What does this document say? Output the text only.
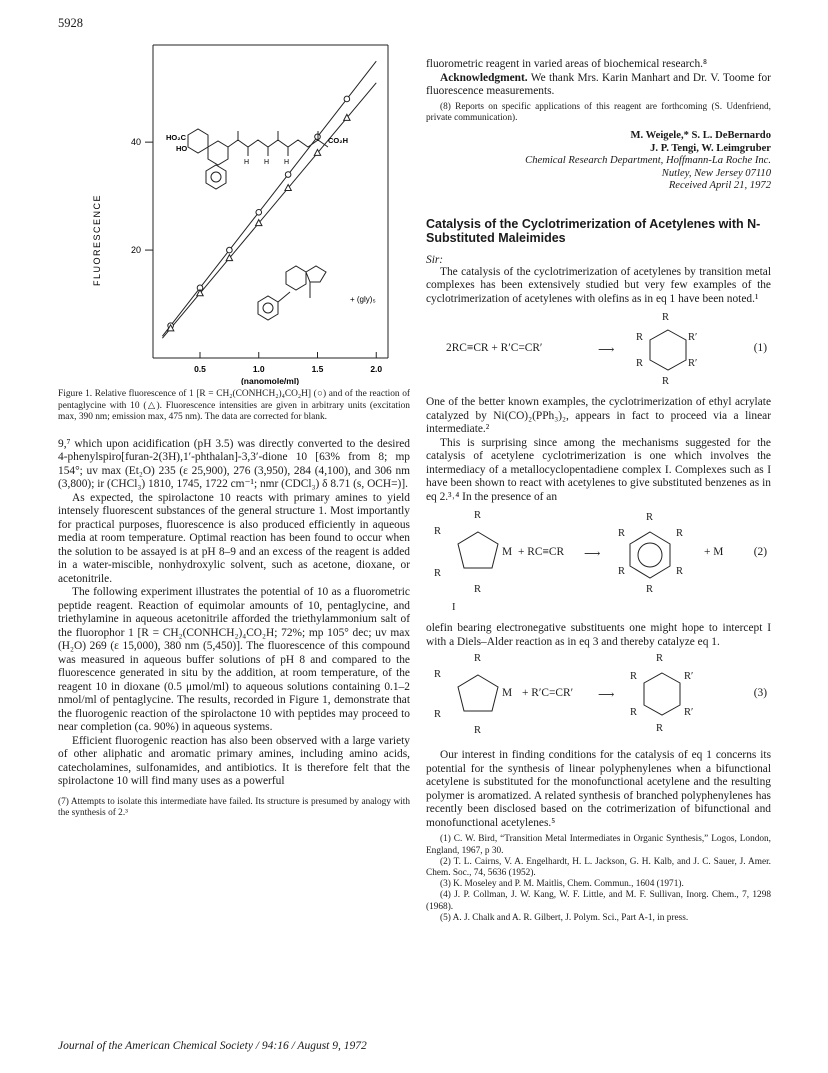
5928
0.5	1.0	1.5	2.0
20
40
FLUORESCENCE
(nanomole/ml)
HO₂C
HO
CO₂H
H H H
+ (gly)₅
Figure 1. Relative fluorescence of 1 [R = CH₂(CONHCH₂)₄CO₂H] (○) and of the reaction of pentaglycine with 10 (△). Fluorescence intensities are given in arbitrary units (excitation max, 390 nm; emission max, 475 nm). The data are corrected for blank.

9,⁷ which upon acidification (pH 3.5) was directly converted to the desired 4-phenylspiro[furan-2(3H),1′-phthalan]-3,3′-dione 10 [63% from 8; mp 154°; uv max (Et₂O) 235 (ε 25,900), 276 (3,950), 284 (4,100), and 306 nm (3,800); ir (CHCl₃) 1810, 1745, 1722 cm⁻¹; nmr (CDCl₃) δ 8.71 (s, OCH=)].

As expected, the spirolactone 10 reacts with primary amines to yield intensely fluorescent substances of the general structure 1. Most importantly for practical purposes, fluorescence is also produced efficiently in aqueous media at room temperature. Optimal reaction has been found to occur when the solution to be assayed is at pH 8–9 and an excess of the reagent is added in a water-miscible, nonhydroxylic solvent, such as acetone, dioxane, or acetonitrile.

The following experiment illustrates the potential of 10 as a fluorometric peptide reagent. Reaction of equimolar amounts of 10, pentaglycine, and triethylamine in aqueous acetonitrile afforded the triethylammonium salt of the fluorophor 1 [R = CH₂(CONHCH₂)₄CO₂H; 72%; mp 105° dec; uv max (H₂O) 269 (ε 15,000), 380 nm (5,450)]. The fluorescence of this compound was measured in aqueous buffer solutions of pH 8 and compared to the fluorescence generated in situ by the addition, at room temperature, of the reagent 10 in dioxane (0.5 μmol/ml) to aqueous solutions containing 0.1–2 nmol/ml of pentaglycine. The results, recorded in Figure 1, demonstrate that the fluorogenic reaction of the spirolactone 10 with peptides may proceed to near completion (ca. 90%) in aqueous systems.

Efficient fluorogenic reaction has also been observed with a large variety of other aliphatic and aromatic primary amines, including amino acids, catecholamines, sulfonamides, and antibiotics. It is therefore felt that the spirolactone 10 will find many uses as a powerful

(7) Attempts to isolate this intermediate have failed. Its structure is presumed by analogy with the synthesis of 2.³

fluorometric reagent in varied areas of biochemical research.⁸

Acknowledgment. We thank Mrs. Karin Manhart and Dr. V. Toome for fluorescence measurements.

(8) Reports on specific applications of this reagent are forthcoming (S. Udenfriend, private communication).

M. Weigele,* S. L. DeBernardo
J. P. Tengi, W. Leimgruber
Chemical Research Department, Hoffmann-La Roche Inc.
Nutley, New Jersey 07110
Received April 21, 1972
Catalysis of the Cyclotrimerization of Acetylenes with N-Substituted Maleimides
Sir:

The catalysis of the cyclotrimerization of acetylenes by transition metal complexes has been extensively studied but very few examples of the cyclotrimerization of acetylenes with olefins as in eq 1 have been noted.¹

2RC≡CR + R′C=CR′	⟶
R
R	R′
R	R′
R
(1)

One of the better known examples, the cyclotrimerization of ethyl acrylate catalyzed by Ni(CO)₂(PPh₃)₂, appears in fact to proceed via a linear intermediate.²

This is surprising since among the mechanisms suggested for the catalysis of acetylene cyclotrimerization is one which involves the intermediacy of a metallocyclopentadiene complex I. Complexes such as I have been shown to react with acetylenes to give substituted benzenes as in eq 2.³˒⁴ In the presence of an

R
R
R
R
M + RC≡CR ⟶
R
R	R
R	R
R
+ M	(2)
I

olefin bearing electronegative substituents one might hope to intercept I with a Diels–Alder reaction as in eq 3 and thereby catalyze eq 1.

R
R
R
R
M + R′C=CR′ ⟶
R
R	R′
R	R′
R
(3)

Our interest in finding conditions for the catalysis of eq 1 concerns its potential for the synthesis of linear polyphenylenes when a bifunctional acetylene is substituted for the monofunctional acetylene and the resulting polymer is aromatized. A related synthesis of branched polyphenylenes has recently been disclosed based on the cotrimerization of bifunctional and monofunctional acetylenes.⁵

(1) C. W. Bird, “Transition Metal Intermediates in Organic Synthesis,” Logos, London, England, 1967, p 30.

(2) T. L. Cairns, V. A. Engelhardt, H. L. Jackson, G. H. Kalb, and J. C. Sauer, J. Amer. Chem. Soc., 74, 5636 (1952).

(3) K. Moseley and P. M. Maitlis, Chem. Commun., 1604 (1971).

(4) J. P. Collman, J. W. Kang, W. F. Little, and M. F. Sullivan, Inorg. Chem., 7, 1298 (1968).

(5) A. J. Chalk and A. R. Gilbert, J. Polym. Sci., Part A-1, in press.

Journal of the American Chemical Society / 94:16 / August 9, 1972
